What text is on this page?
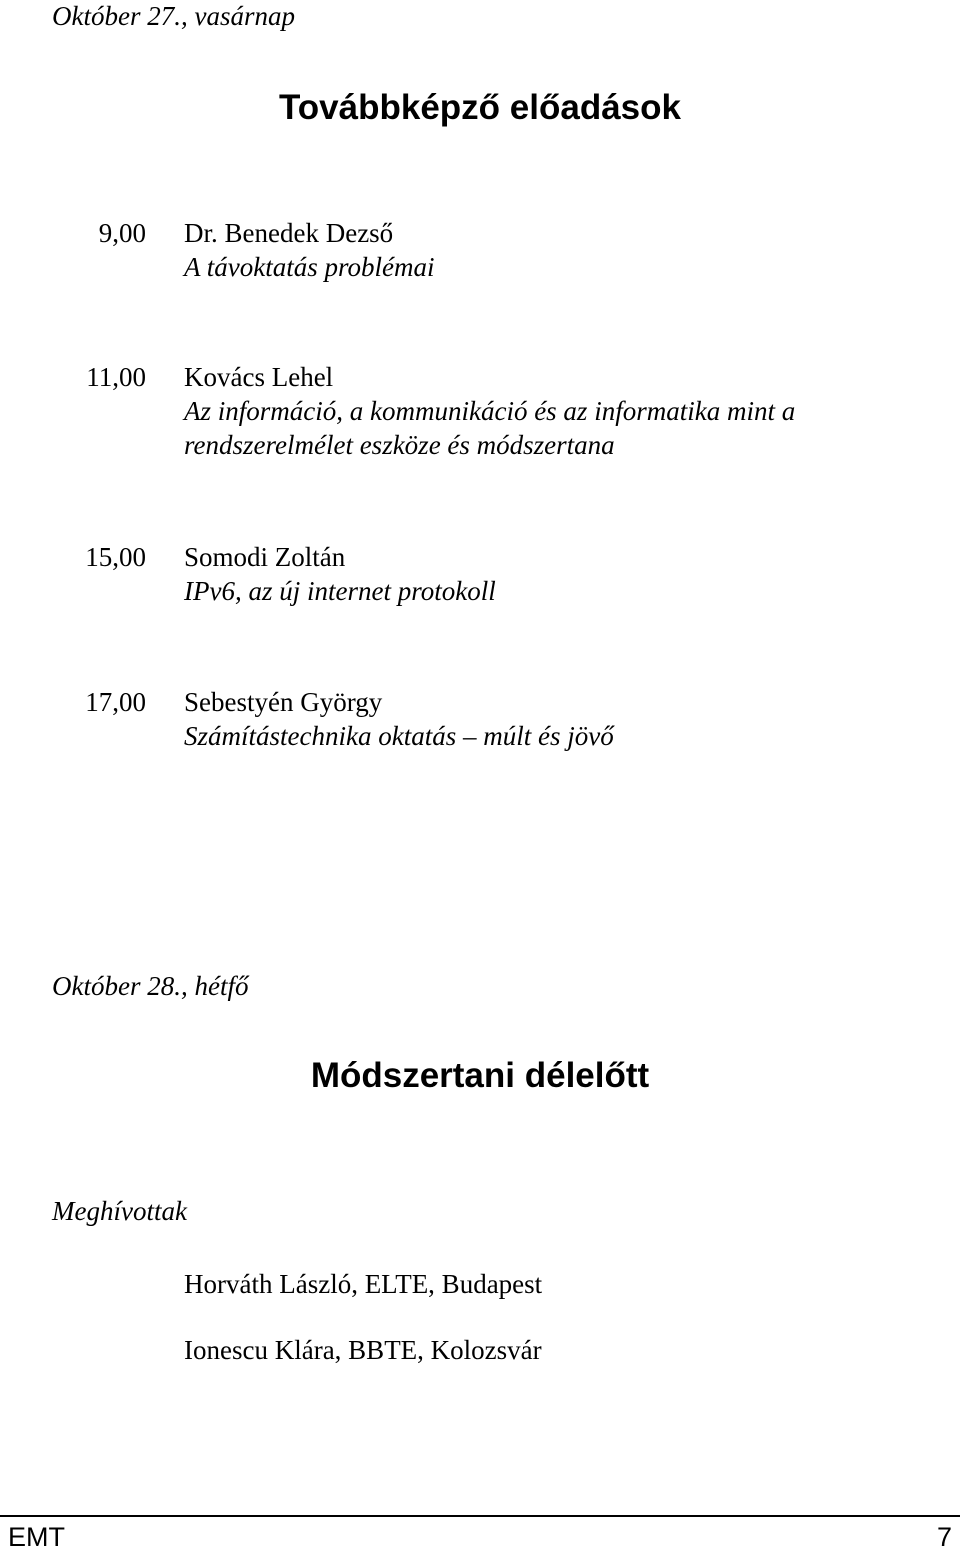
Október 27., vasárnap
Továbbképző előadások
9,00 Dr. Benedek Dezső
A távoktatás problémai
11,00 Kovács Lehel
Az információ, a kommunikáció és az informatika mint a
rendszerelmélet eszköze és módszertana
15,00 Somodi Zoltán
IPv6, az új internet protokoll
17,00 Sebestyén György
Számítástechnika oktatás – múlt és jövő
Október 28., hétfő
Módszertani délelőtt
Meghívottak
Horváth László, ELTE, Budapest
Ionescu Klára, BBTE, Kolozsvár
EMT	7
